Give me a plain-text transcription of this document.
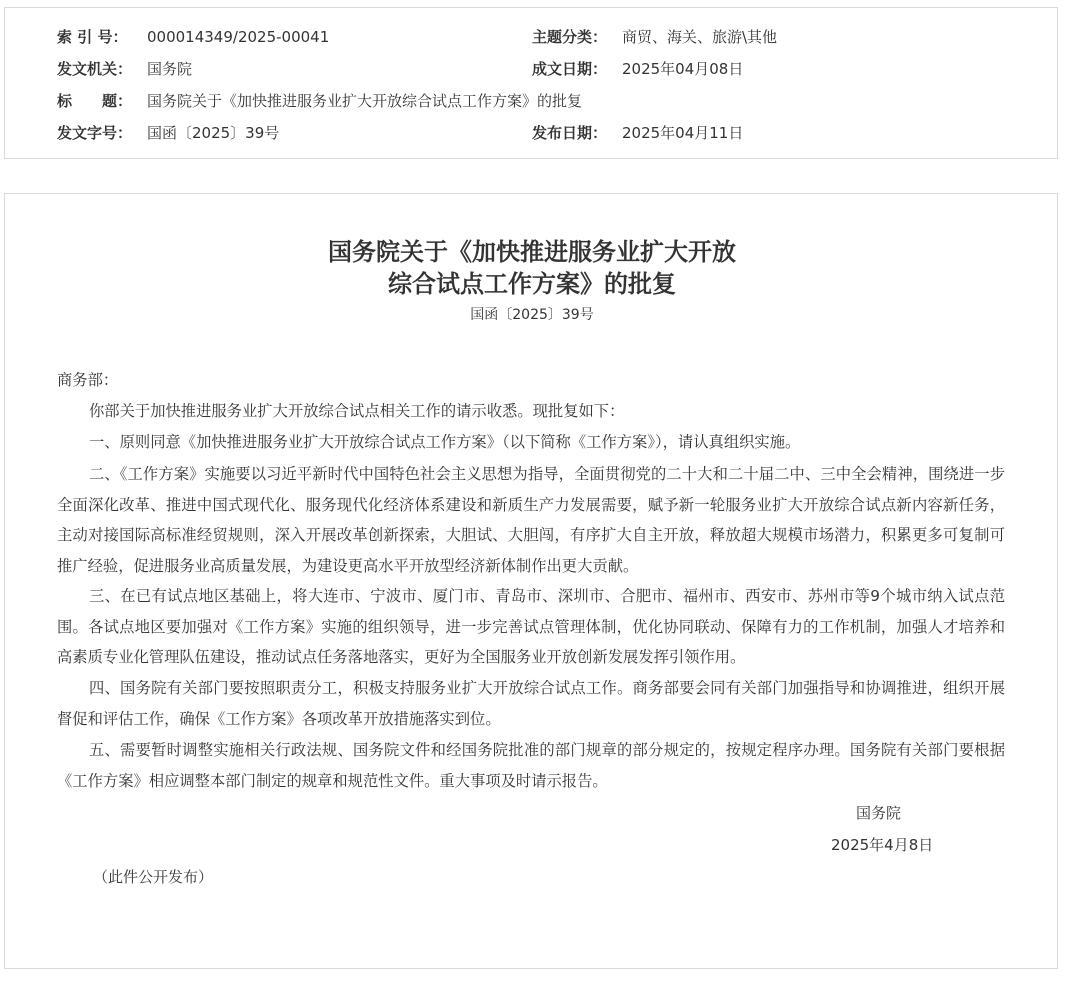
索 引 号： 000014349/2025-00041	主题分类： 商贸、海关、旅游\其他
发文机关： 国务院	成文日期： 2025年04月08日
标　　题： 国务院关于《加快推进服务业扩大开放综合试点工作方案》的批复
发文字号： 国函〔2025〕39号	发布日期： 2025年04月11日
国务院关于《加快推进服务业扩大开放
综合试点工作方案》的批复
国函〔2025〕39号
商务部：
你部关于加快推进服务业扩大开放综合试点相关工作的请示收悉。现批复如下：
一、原则同意《加快推进服务业扩大开放综合试点工作方案》（以下简称《工作方案》），请认真组织实施。
二、《工作方案》实施要以习近平新时代中国特色社会主义思想为指导，全面贯彻党的二十大和二十届二中、三中全会精神，围绕进一步全面深化改革、推进中国式现代化、服务现代化经济体系建设和新质生产力发展需要，赋予新一轮服务业扩大开放综合试点新内容新任务，主动对接国际高标准经贸规则，深入开展改革创新探索，大胆试、大胆闯，有序扩大自主开放，释放超大规模市场潜力，积累更多可复制可推广经验，促进服务业高质量发展，为建设更高水平开放型经济新体制作出更大贡献。
三、在已有试点地区基础上，将大连市、宁波市、厦门市、青岛市、深圳市、合肥市、福州市、西安市、苏州市等9个城市纳入试点范围。各试点地区要加强对《工作方案》实施的组织领导，进一步完善试点管理体制，优化协同联动、保障有力的工作机制，加强人才培养和高素质专业化管理队伍建设，推动试点任务落地落实，更好为全国服务业开放创新发展发挥引领作用。
四、国务院有关部门要按照职责分工，积极支持服务业扩大开放综合试点工作。商务部要会同有关部门加强指导和协调推进，组织开展督促和评估工作，确保《工作方案》各项改革开放措施落实到位。
五、需要暂时调整实施相关行政法规、国务院文件和经国务院批准的部门规章的部分规定的，按规定程序办理。国务院有关部门要根据《工作方案》相应调整本部门制定的规章和规范性文件。重大事项及时请示报告。
国务院
2025年4月8日
（此件公开发布）
